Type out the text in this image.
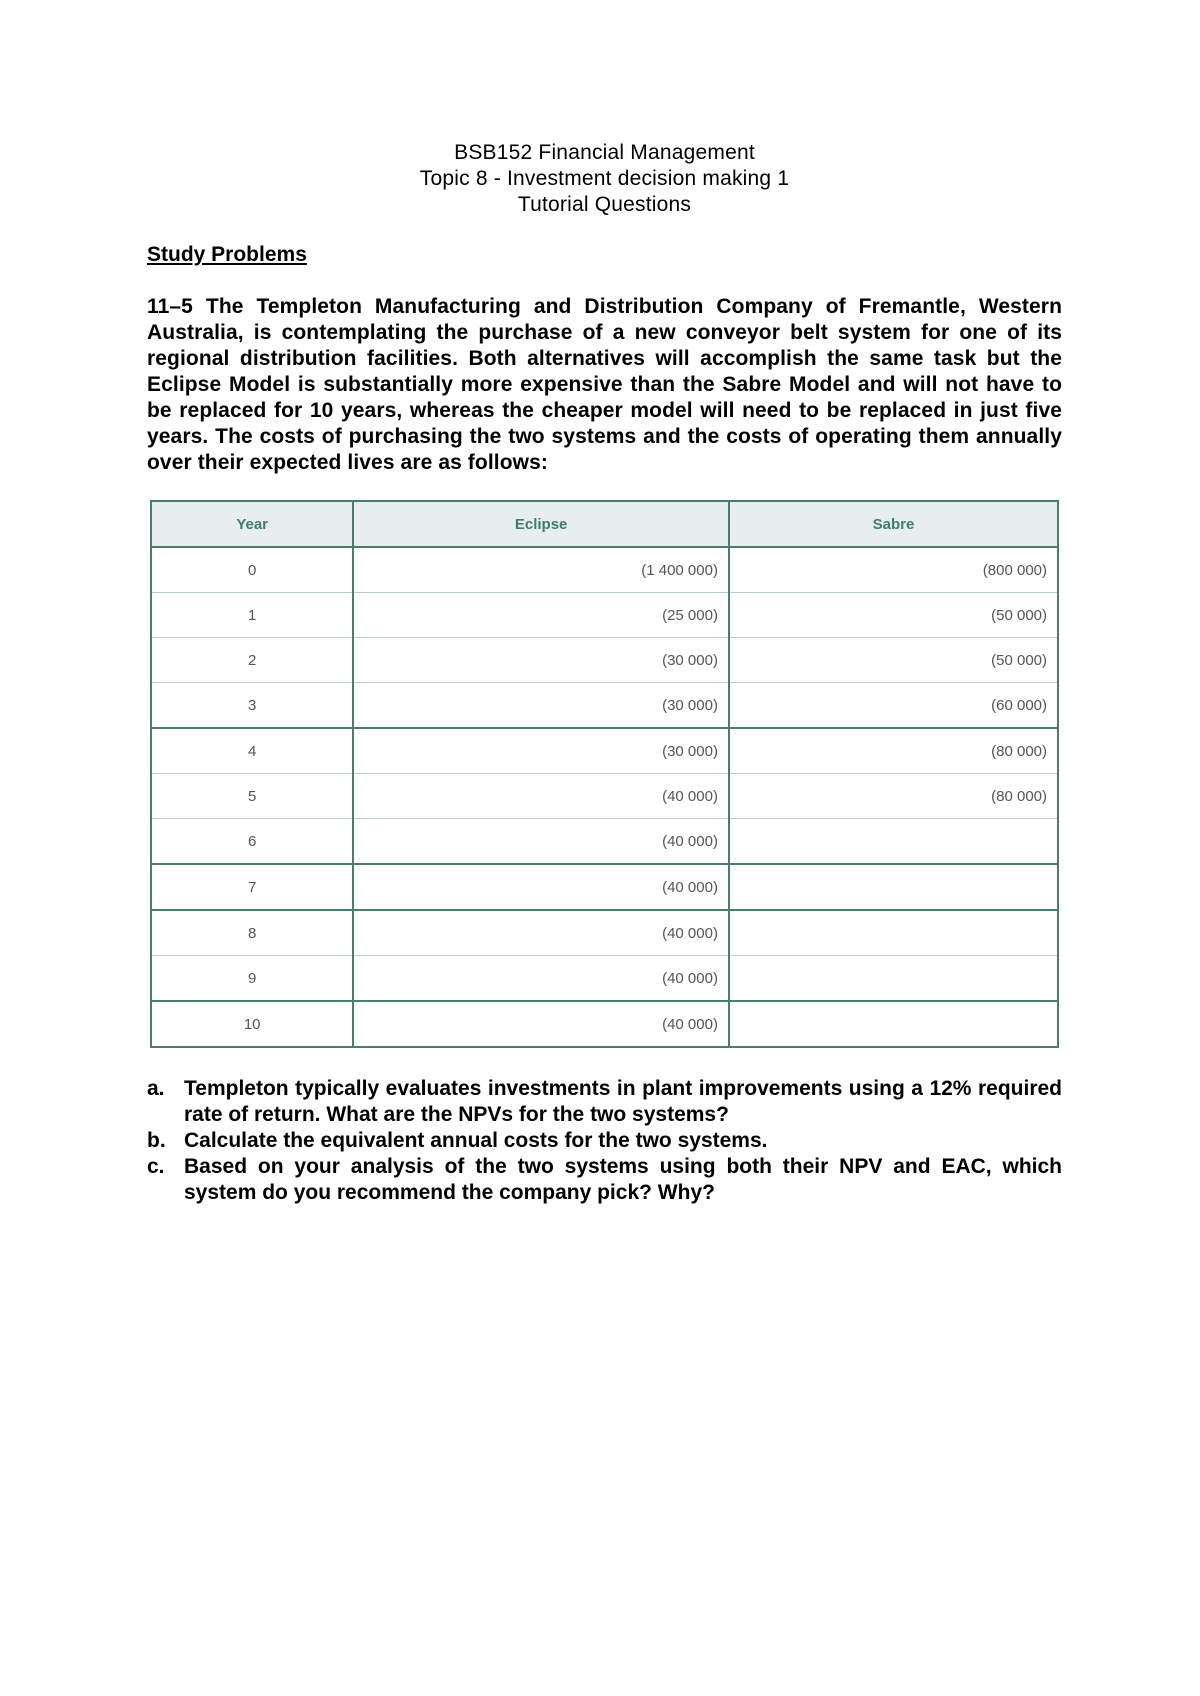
BSB152 Financial Management
Topic 8 - Investment decision making 1
Tutorial Questions
Study Problems
11–5 The Templeton Manufacturing and Distribution Company of Fremantle, Western Australia, is contemplating the purchase of a new conveyor belt system for one of its regional distribution facilities. Both alternatives will accomplish the same task but the Eclipse Model is substantially more expensive than the Sabre Model and will not have to be replaced for 10 years, whereas the cheaper model will need to be replaced in just five years. The costs of purchasing the two systems and the costs of operating them annually over their expected lives are as follows:
Year	Eclipse	Sabre
0	(1 400 000)	(800 000)
1	(25 000)	(50 000)
2	(30 000)	(50 000)
3	(30 000)	(60 000)
4	(30 000)	(80 000)
5	(40 000)	(80 000)
6	(40 000)	
7	(40 000)	
8	(40 000)	
9	(40 000)	
10	(40 000)	
a. Templeton typically evaluates investments in plant improvements using a 12% required rate of return. What are the NPVs for the two systems?
b. Calculate the equivalent annual costs for the two systems.
c. Based on your analysis of the two systems using both their NPV and EAC, which system do you recommend the company pick? Why?
